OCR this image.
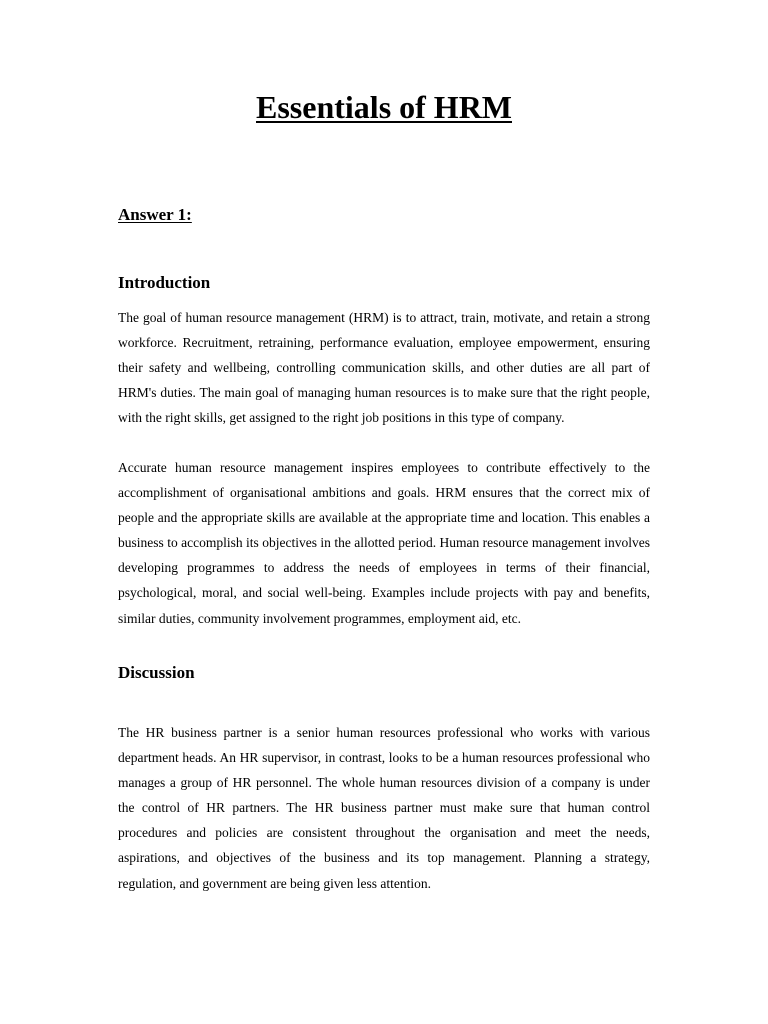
Essentials of HRM
Answer 1:
Introduction

The goal of human resource management (HRM) is to attract, train, motivate, and retain a strong workforce. Recruitment, retraining, performance evaluation, employee empowerment, ensuring their safety and wellbeing, controlling communication skills, and other duties are all part of HRM's duties. The main goal of managing human resources is to make sure that the right people, with the right skills, get assigned to the right job positions in this type of company.

Accurate human resource management inspires employees to contribute effectively to the accomplishment of organisational ambitions and goals. HRM ensures that the correct mix of people and the appropriate skills are available at the appropriate time and location. This enables a business to accomplish its objectives in the allotted period. Human resource management involves developing programmes to address the needs of employees in terms of their financial, psychological, moral, and social well-being. Examples include projects with pay and benefits, similar duties, community involvement programmes, employment aid, etc.

Discussion

The HR business partner is a senior human resources professional who works with various department heads. An HR supervisor, in contrast, looks to be a human resources professional who manages a group of HR personnel. The whole human resources division of a company is under the control of HR partners. The HR business partner must make sure that human control procedures and policies are consistent throughout the organisation and meet the needs, aspirations, and objectives of the business and its top management. Planning a strategy, regulation, and government are being given less attention.
